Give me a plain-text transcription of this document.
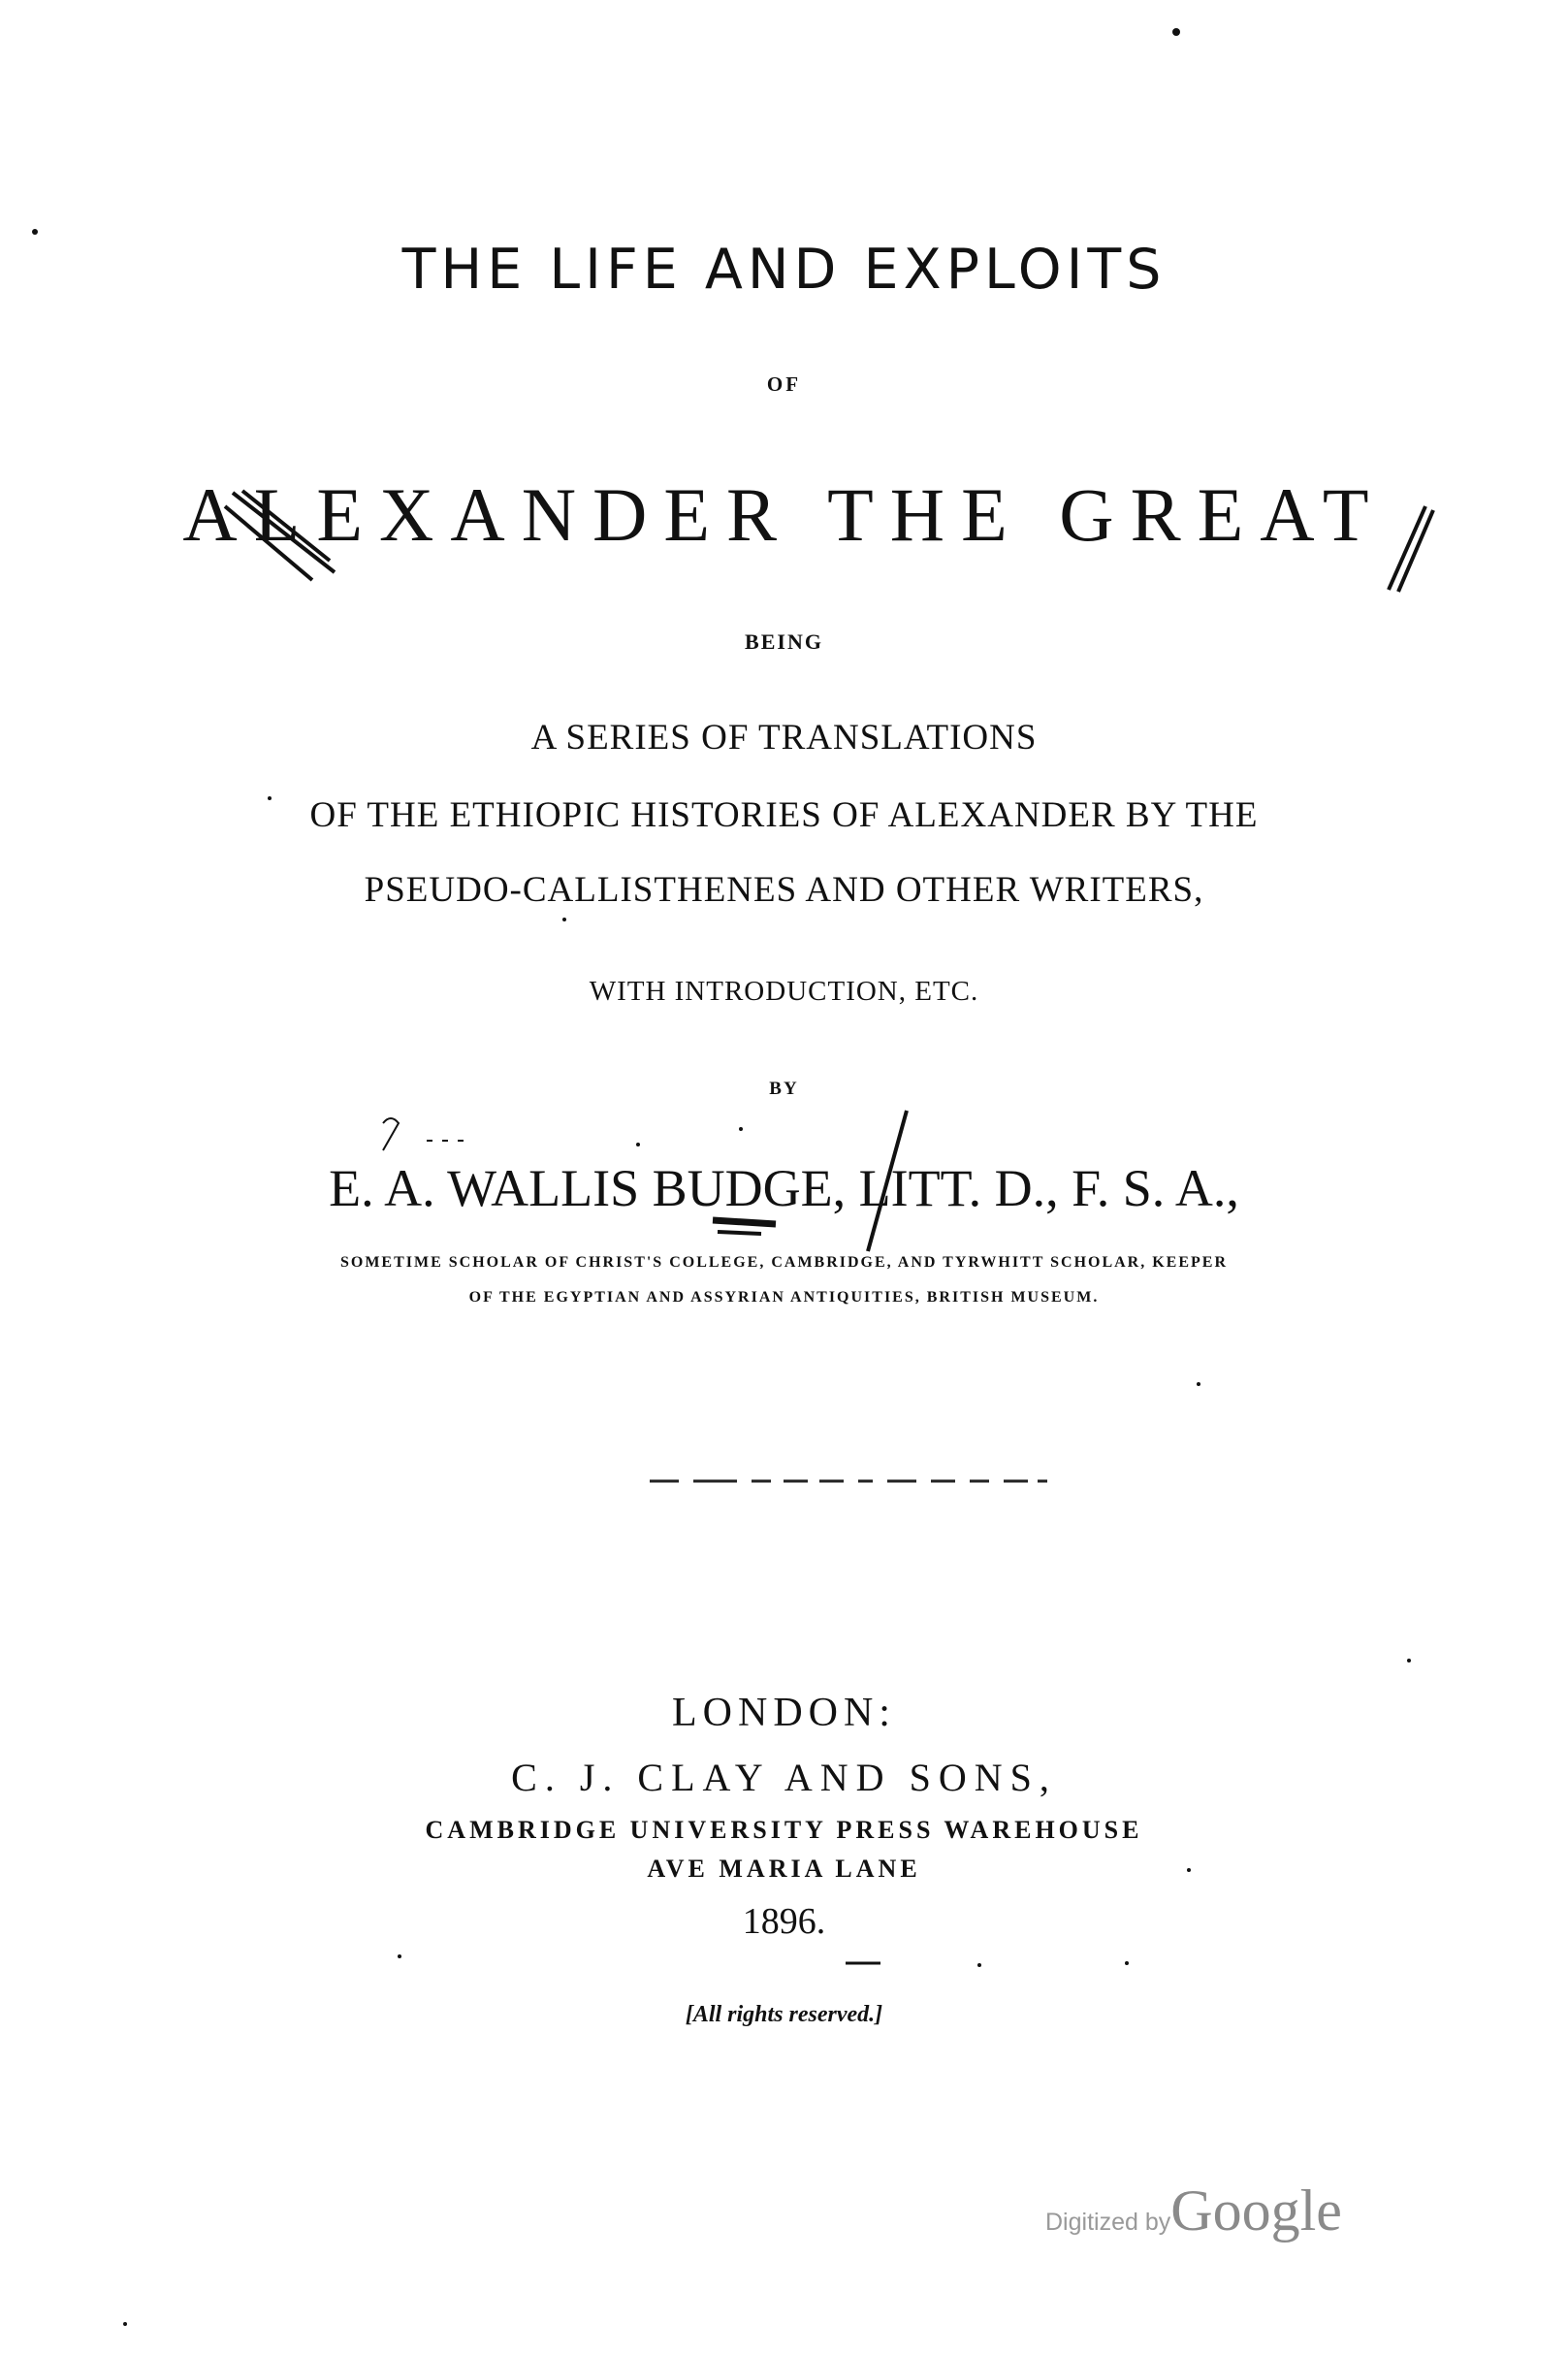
THE LIFE AND EXPLOITS
OF
ALEXANDER THE GREAT
BEING
A SERIES OF TRANSLATIONS
OF THE ETHIOPIC HISTORIES OF ALEXANDER BY THE
PSEUDO-CALLISTHENES AND OTHER WRITERS,
WITH INTRODUCTION, ETC.
BY
E. A. WALLIS BUDGE, LITT. D., F. S. A.,
SOMETIME SCHOLAR OF CHRIST'S COLLEGE, CAMBRIDGE, AND TYRWHITT SCHOLAR, KEEPER
OF THE EGYPTIAN AND ASSYRIAN ANTIQUITIES, BRITISH MUSEUM.
LONDON:
C. J. CLAY AND SONS,
CAMBRIDGE UNIVERSITY PRESS WAREHOUSE
AVE MARIA LANE
1896.
[All rights reserved.]
Digitized byGoogle
